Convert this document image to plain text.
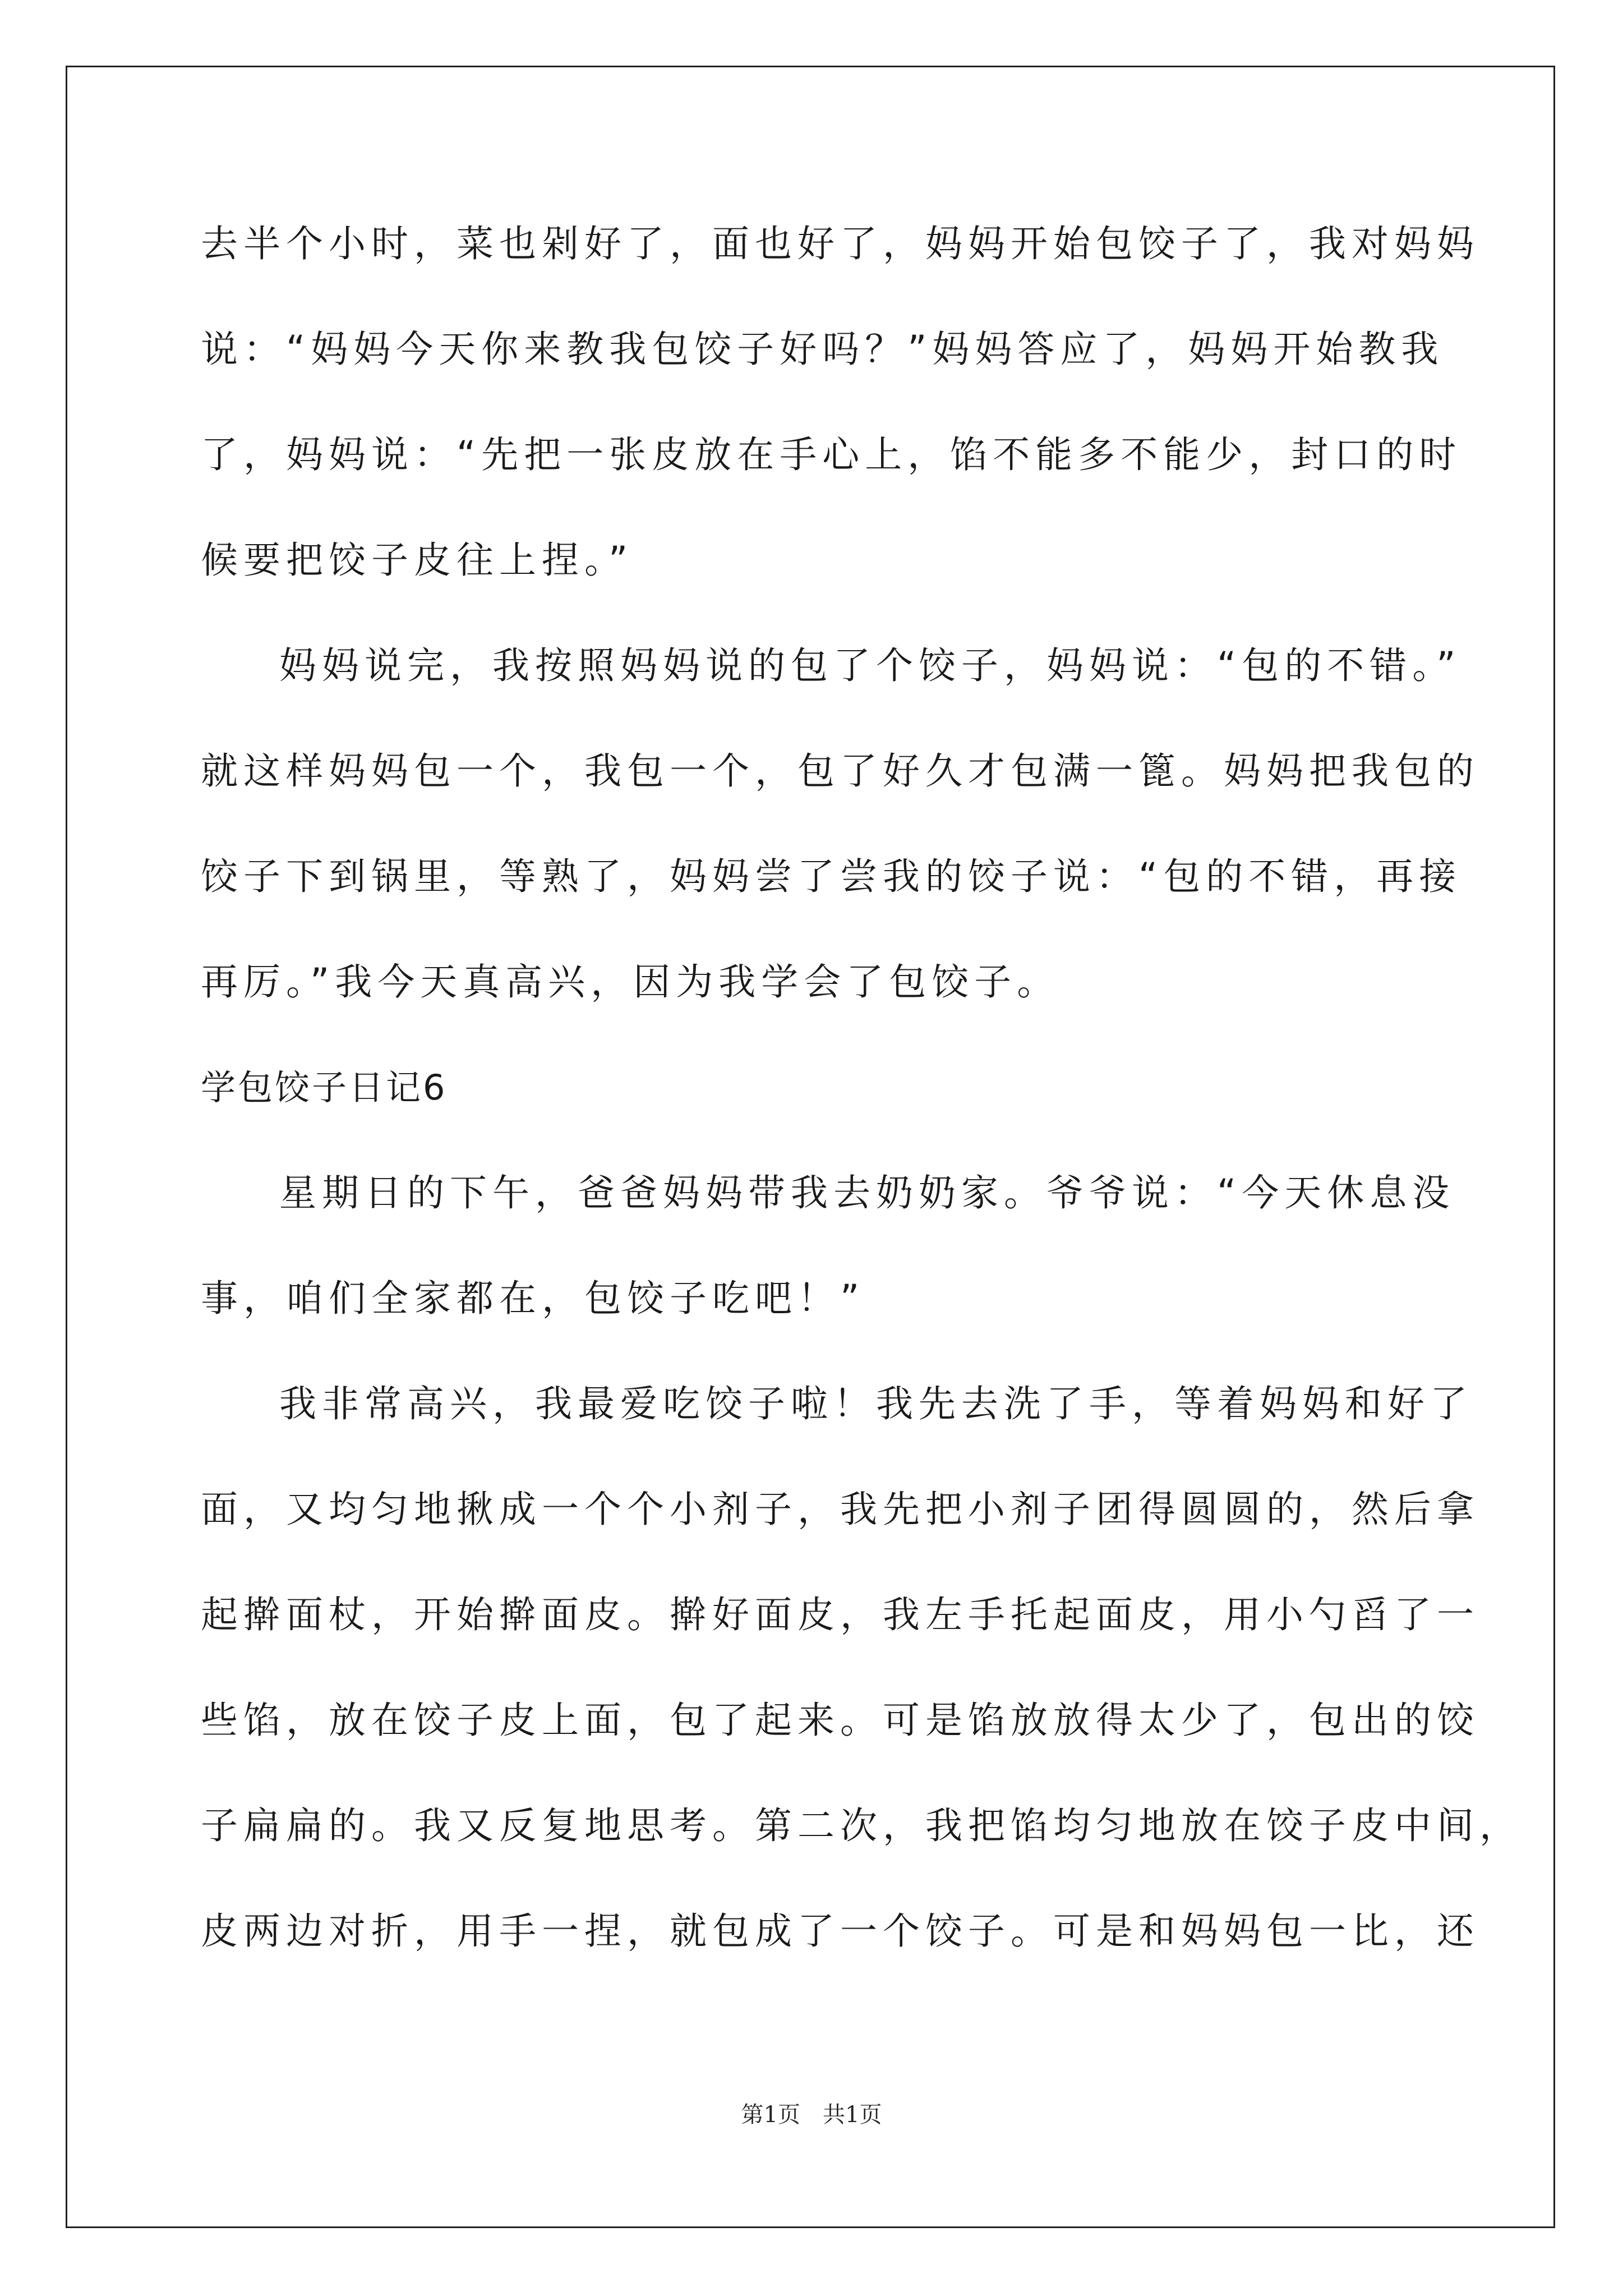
去半个小时，菜也剁好了，面也好了，妈妈开始包饺子了，我对妈妈
说：“妈妈今天你来教我包饺子好吗？”妈妈答应了，妈妈开始教我
了，妈妈说：“先把一张皮放在手心上，馅不能多不能少，封口的时
候要把饺子皮往上捏。”
妈妈说完，我按照妈妈说的包了个饺子，妈妈说：“包的不错。”
就这样妈妈包一个，我包一个，包了好久才包满一篦。妈妈把我包的
饺子下到锅里，等熟了，妈妈尝了尝我的饺子说：“包的不错，再接
再厉。”我今天真高兴，因为我学会了包饺子。
学包饺子日记6
星期日的下午，爸爸妈妈带我去奶奶家。爷爷说：“今天休息没
事，咱们全家都在，包饺子吃吧！”
我非常高兴，我最爱吃饺子啦！我先去洗了手，等着妈妈和好了
面，又均匀地揪成一个个小剂子，我先把小剂子团得圆圆的，然后拿
起擀面杖，开始擀面皮。擀好面皮，我左手托起面皮，用小勺舀了一
些馅，放在饺子皮上面，包了起来。可是馅放放得太少了，包出的饺
子扁扁的。我又反复地思考。第二次，我把馅均匀地放在饺子皮中间，
皮两边对折，用手一捏，就包成了一个饺子。可是和妈妈包一比，还
第1页　共1页
